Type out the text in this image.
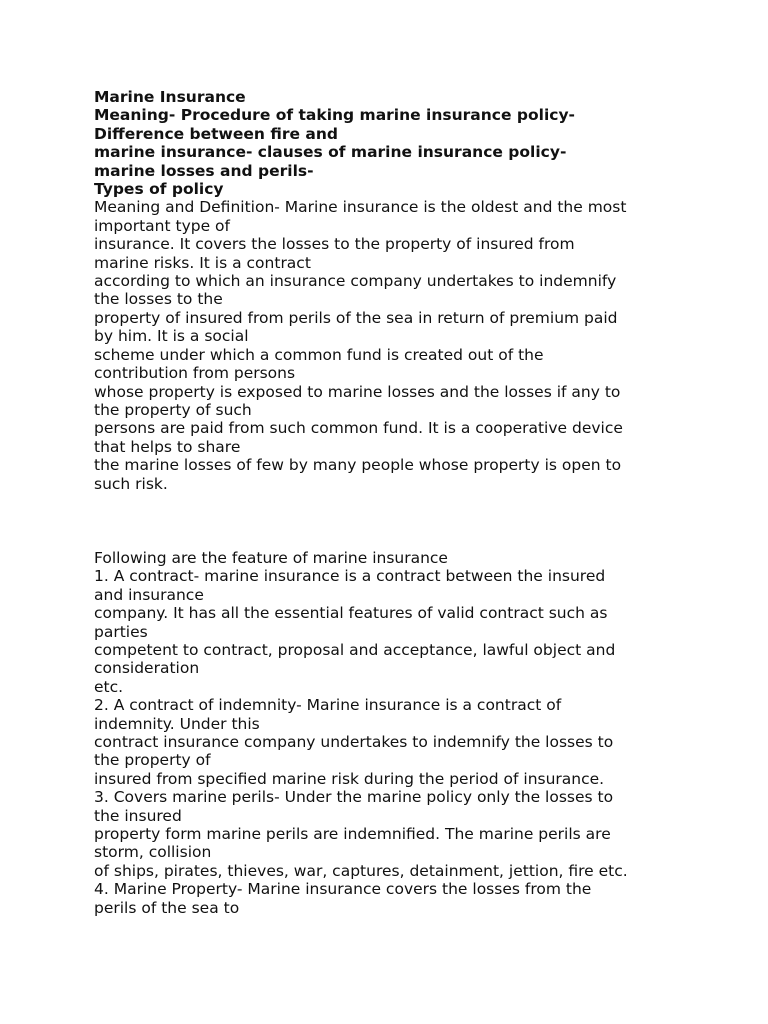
Marine Insurance
Meaning- Procedure of taking marine insurance policy-
Difference between fire and
marine insurance- clauses of marine insurance policy-
marine losses and perils-
Types of policy
Meaning and Definition- Marine insurance is the oldest and the most
important type of
insurance. It covers the losses to the property of insured from
marine risks. It is a contract
according to which an insurance company undertakes to indemnify
the losses to the
property of insured from perils of the sea in return of premium paid
by him. It is a social
scheme under which a common fund is created out of the
contribution from persons
whose property is exposed to marine losses and the losses if any to
the property of such
persons are paid from such common fund. It is a cooperative device
that helps to share
the marine losses of few by many people whose property is open to
such risk.
Following are the feature of marine insurance
1. A contract- marine insurance is a contract between the insured
and insurance
company. It has all the essential features of valid contract such as
parties
competent to contract, proposal and acceptance, lawful object and
consideration
etc.
2. A contract of indemnity- Marine insurance is a contract of
indemnity. Under this
contract insurance company undertakes to indemnify the losses to
the property of
insured from specified marine risk during the period of insurance.
3. Covers marine perils- Under the marine policy only the losses to
the insured
property form marine perils are indemnified. The marine perils are
storm, collision
of ships, pirates, thieves, war, captures, detainment, jettion, fire etc.
4. Marine Property- Marine insurance covers the losses from the
perils of the sea to
